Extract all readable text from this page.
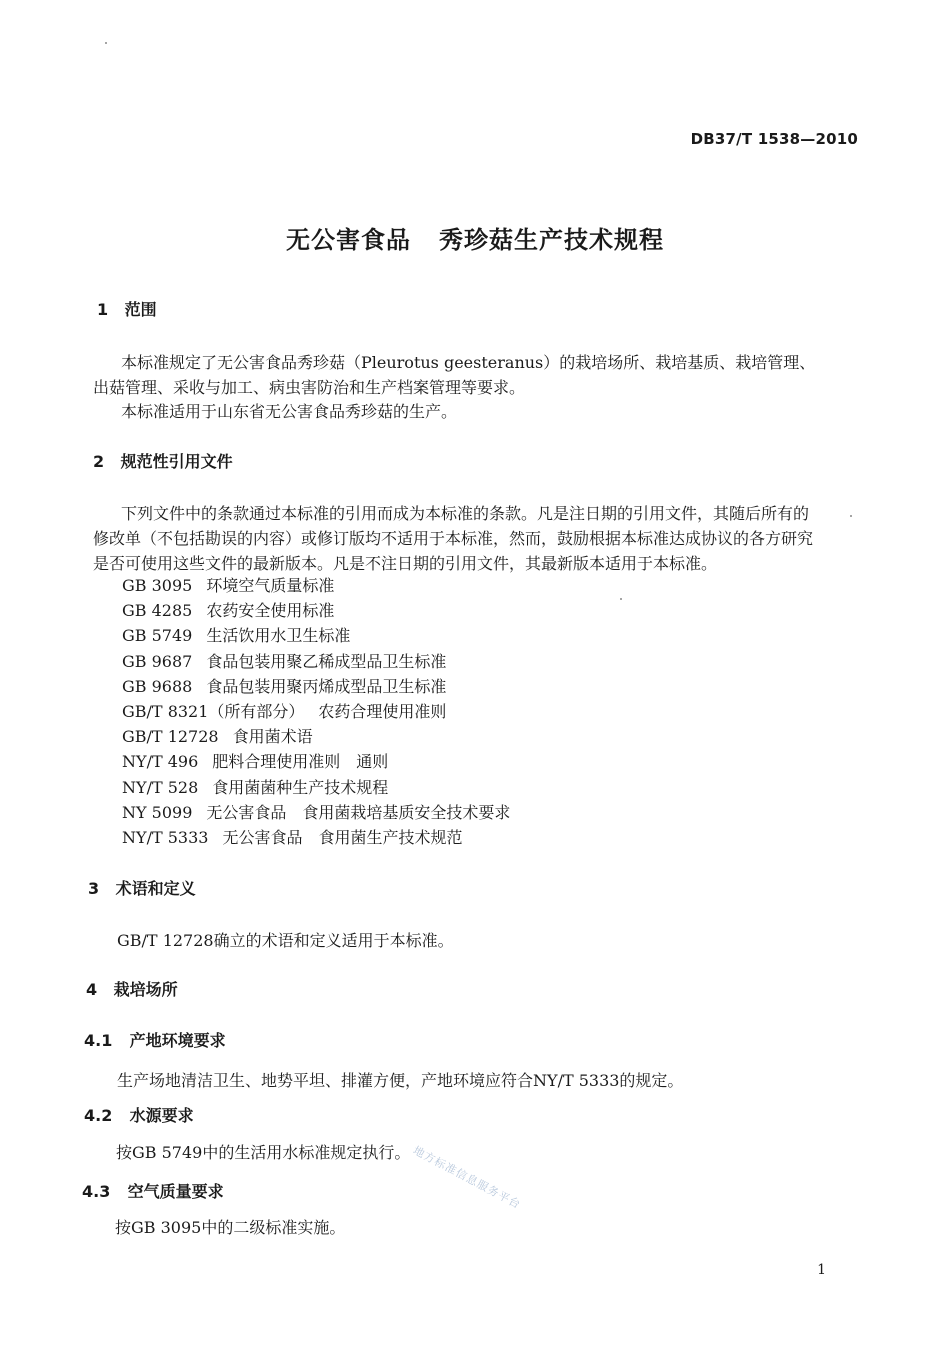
DB37/T 1538—2010
无公害食品 秀珍菇生产技术规程
1 范围
本标准规定了无公害食品秀珍菇（Pleurotus geesteranus）的栽培场所、栽培基质、栽培管理、
出菇管理、采收与加工、病虫害防治和生产档案管理等要求。
本标准适用于山东省无公害食品秀珍菇的生产。
2 规范性引用文件
下列文件中的条款通过本标准的引用而成为本标准的条款。凡是注日期的引用文件，其随后所有的
修改单（不包括勘误的内容）或修订版均不适用于本标准，然而，鼓励根据本标准达成协议的各方研究
是否可使用这些文件的最新版本。凡是不注日期的引用文件，其最新版本适用于本标准。
GB 3095 环境空气质量标准
GB 4285 农药安全使用标准
GB 5749 生活饮用水卫生标准
GB 9687 食品包装用聚乙稀成型品卫生标准
GB 9688 食品包装用聚丙烯成型品卫生标准
GB/T 8321（所有部分） 农药合理使用准则
GB/T 12728 食用菌术语
NY/T 496 肥料合理使用准则　通则
NY/T 528 食用菌菌种生产技术规程
NY 5099 无公害食品　食用菌栽培基质安全技术要求
NY/T 5333 无公害食品　食用菌生产技术规范
3 术语和定义
GB/T 12728确立的术语和定义适用于本标准。
4 栽培场所
4.1 产地环境要求
生产场地清洁卫生、地势平坦、排灌方便，产地环境应符合NY/T 5333的规定。
4.2 水源要求
按GB 5749中的生活用水标准规定执行。
4.3 空气质量要求
按GB 3095中的二级标准实施。
地方标准信息服务平台
1
